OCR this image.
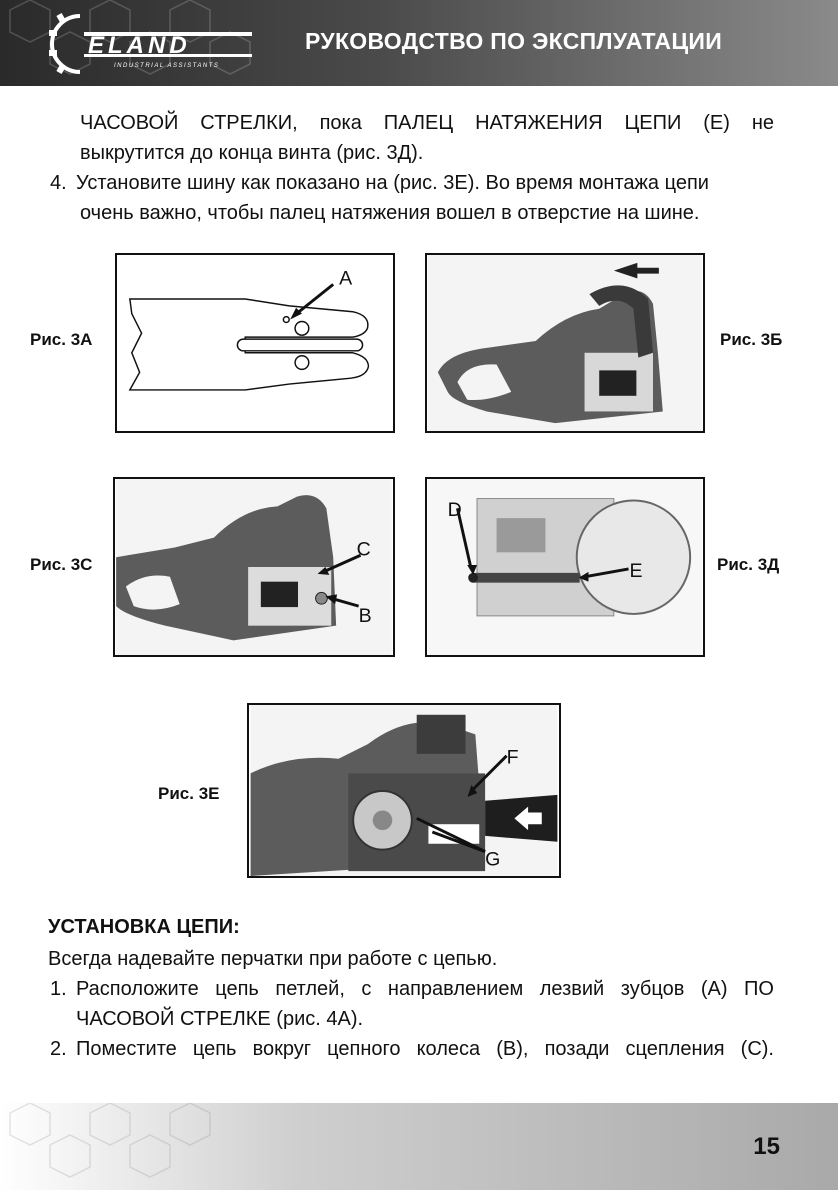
ELAND
INDUSTRIAL ASSISTANTS
РУКОВОДСТВО ПО ЭКСПЛУАТАЦИИ
ЧАСОВОЙ СТРЕЛКИ, пока ПАЛЕЦ НАТЯЖЕНИЯ ЦЕПИ (Е) не
выкрутится до конца винта (рис. 3Д).
4. Установите шину как показано на (рис. 3Е). Во время монтажа цепи
очень важно, чтобы палец натяжения вошел в отверстие на шине.
Рис. 3А
A
Рис. 3Б
Рис. 3С
C
B
D
E	Рис. 3Д
Рис. 3Е
F
G
УСТАНОВКА ЦЕПИ:
Всегда надевайте перчатки при работе с цепью.
1. Расположите цепь петлей, с направлением лезвий зубцов (А) ПО
ЧАСОВОЙ СТРЕЛКЕ (рис. 4А).
2. Поместите цепь вокруг цепного колеса (В), позади сцепления (С).
15
